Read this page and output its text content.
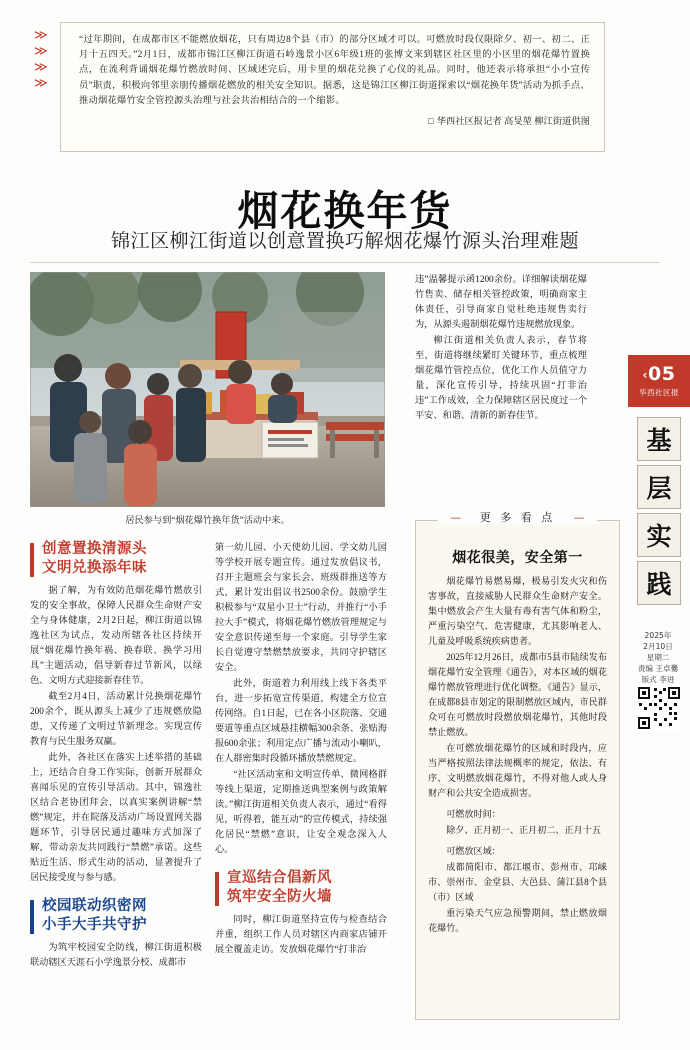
≫
≫
≫
≫
“过年期间，在成都市区不能燃放烟花，只有周边8个县（市）的部分区域才可以。可燃放时段仅限除夕、初一、初二、正月十五四天。”2月1日，成都市锦江区柳江街道石岭逸景小区6年级1班的张博文来到辖区社区里的小区里的烟花爆竹置换点，在流利背诵烟花爆竹燃放时间、区域述完后，用卡里的烟花兑换了心仪的礼品。同时，他还表示将承担“小小宣传员”职责，积极向邻里亲朋传播烟花燃放的相关安全知识。据悉，这是锦江区柳江街道探索以“烟花换年货”活动为抓手点、推动烟花爆竹安全管控源头治理与社会共治相结合的一个缩影。
□ 华西社区报记者 高旻堃 柳江街道供图
烟花换年货
锦江区柳江街道以创意置换巧解烟花爆竹源头治理难题
居民参与到“烟花爆竹换年货”活动中来。
创意置换清源头
文明兑换添年味

据了解，为有效防范烟花爆竹燃放引发的安全事故，保障人民群众生命财产安全与身体健康，2月2日起，柳江街道以锦逸社区为试点，发动所辖各社区持续开展“烟花爆竹换年祸、换春联、换学习用具”主题活动，倡导新春过节新风，以绿色、文明方式迎接新春佳节。

截至2月4日，活动累计兑换烟花爆竹200余个，既从源头上减少了违规燃放隐患，又传递了文明过节新理念。实现宣传教育与民生服务双赢。

此外，各社区在落实上述举措的基础上，还结合自身工作实际，创新开展群众喜闻乐见的宣传引导活动。其中，锦逸社区结合老协团拜会，以真实案例讲解“禁燃”规定，并在院落及活动广场设置网关器题环节，引导居民通过趣味方式加深了解，带动亲友共同践行“禁燃”承诺。这些贴近生活、形式生动的活动，显著提升了居民接受度与参与感。

校园联动织密网
小手大手共守护

为筑牢校园安全防线，柳江街道积极联动辖区天涯石小学逸景分校、成都市

第一幼儿园、小天使幼儿园、学文幼儿园等学校开展专题宣传。通过发放倡议书，召开主题班会与家长会、班级群推送等方式，累计发出倡议书2500余份。鼓励学生积极参与“双星小卫士”行动，并推行“小手拉大手”模式，将烟花爆竹燃放管理规定与安全意识传递至每一个家庭。引导学生家长自觉遵守禁燃禁放要求，共同守护辖区安全。

此外，街道着力利用线上线下各类平台，进一步拓宽宣传渠道，构建全方位宣传网络。自1日起，已在各小区院落、交通要道等重点区域悬挂横幅300余条、张贴海报600余张；利用定点广播与流动小喇叭，在人群密集时段循环播放禁燃规定。

“社区活动室和文明宣传单、微网格群等线上渠道，定期推送典型案例与政策解读。”柳江街道相关负责人表示，通过“看得见，听得着，能互动”的宣传模式，持续强化居民“禁燃”意识，让安全观念深入人心。

宣巡结合倡新风
筑牢安全防火墙

同时，柳江街道坚持宣传与检查结合并重，组织工作人员对辖区内商家店铺开展全覆盖走访。发放烟花爆竹“打非治

违”温馨提示函1200余份。详细解读烟花爆竹售卖、储存相关管控政策，明确商家主体责任，引导商家自觉杜绝违规售卖行为，从源头遏制烟花爆竹违规燃放现象。

柳江街道相关负责人表示，春节将至，街道将继续紧盯关键环节，重点梳理烟花爆竹管控点位，优化工作人员值守力量，深化宣传引导，持续巩固“打非治违”工作成效，全力保障辖区居民度过一个平安、和谐、清新的新春佳节。

烟花很美，安全第一

烟花爆竹易燃易爆，极易引发火灾和伤害事故，直接威胁人民群众生命财产安全。集中燃放会产生大量有毒有害气体和粉尘，严重污染空气、危害健康，尤其影响老人、儿童及呼吸系统疾病患者。

2025年12月26日，成都市5县市陆续发布烟花爆竹安全管理《通告》，对本区域的烟花爆竹燃放管理进行优化调整。《通告》显示，在成都8县市划定的限制燃放区域内，市民群众可在可燃放时段燃放烟花爆竹，其他时段禁止燃放。

在可燃放烟花爆竹的区域和时段内，应当严格按照法律法规概率的规定，依法、有序、文明燃放烟花爆竹，不得对他人或人身财产和公共安全造成损害。

可燃放时间：

除夕、正月初一、正月初二、正月十五

可燃放区域：

成都简阳市、都江堰市、彭州市、邛崃市、崇州市、金堂县、大邑县、蒲江县8个县（市）区域

重污染天气应急预警期间，禁止燃放烟花爆竹。

— 更 多 看 点 —
‹05
华西社区报
基
层
实
践
2025年
2月10日
星期二
责编 王卓爨
版式 李进
